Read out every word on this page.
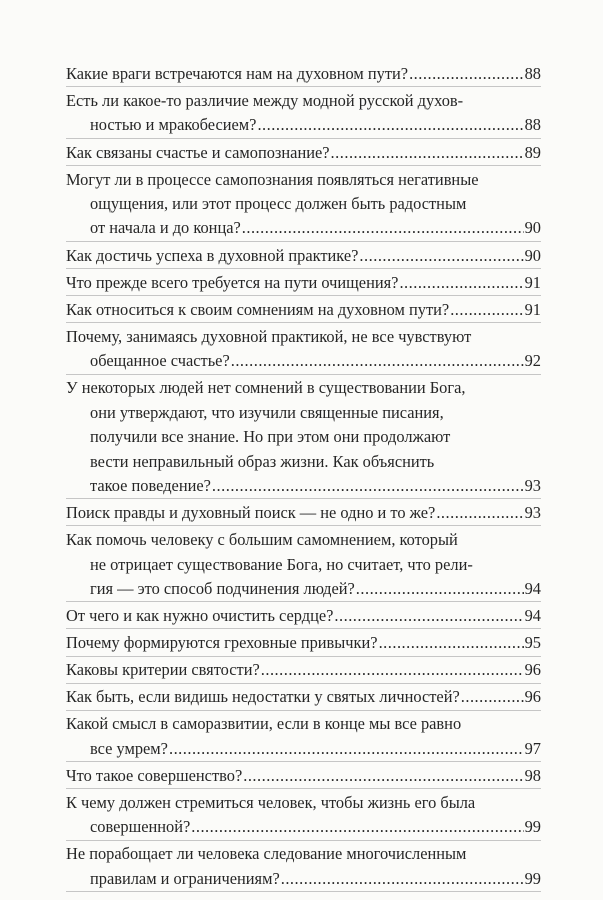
Какие враги встречаются нам на духовном пути? .....	88
Есть ли какое-то различие между модной русской духов-
ностью и мракобесием? .....	88
Как связаны счастье и самопознание? .....	89
Могут ли в процессе самопознания появляться негативные
ощущения, или этот процесс должен быть радостным
от начала и до конца? .....	90
Как достичь успеха в духовной практике? .....	90
Что прежде всего требуется на пути очищения? .....	91
Как относиться к своим сомнениям на духовном пути? .....	91
Почему, занимаясь духовной практикой, не все чувствуют
обещанное счастье? .....	92
У некоторых людей нет сомнений в существовании Бога,
они утверждают, что изучили священные писания,
получили все знание. Но при этом они продолжают
вести неправильный образ жизни. Как объяснить
такое поведение? .....	93
Поиск правды и духовный поиск — не одно и то же? .....	93
Как помочь человеку с большим самомнением, который
не отрицает существование Бога, но считает, что рели-
гия — это способ подчинения людей? .....	94
От чего и как нужно очистить сердце? .....	94
Почему формируются греховные привычки? .....	95
Каковы критерии святости? .....	96
Как быть, если видишь недостатки у святых личностей? .....	96
Какой смысл в саморазвитии, если в конце мы все равно
все умрем? .....	97
Что такое совершенство? .....	98
К чему должен стремиться человек, чтобы жизнь его была
совершенной? .....	99
Не порабощает ли человека следование многочисленным
правилам и ограничениям? .....	99
